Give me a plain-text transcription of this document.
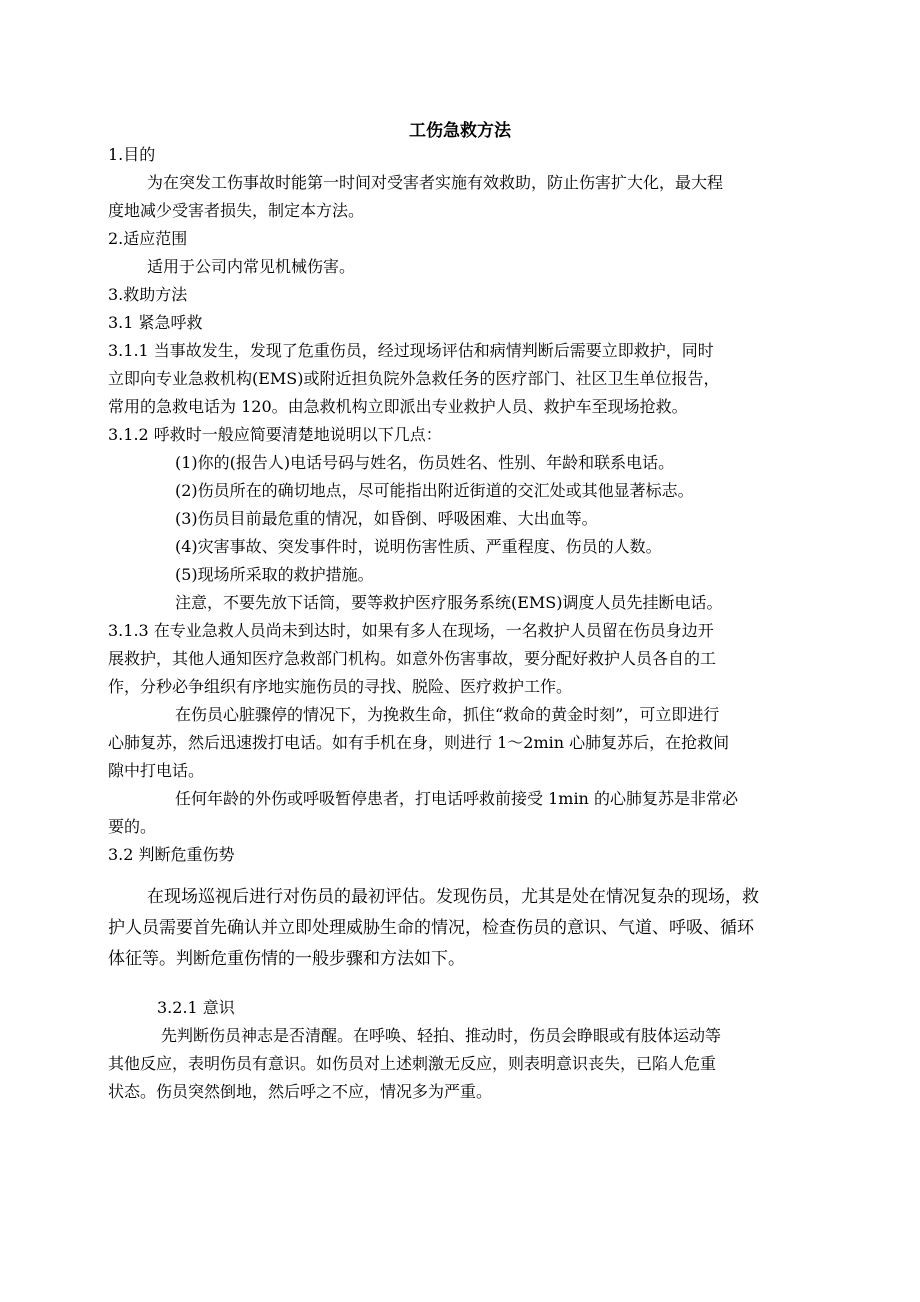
工伤急救方法
1.目的
为在突发工伤事故时能第一时间对受害者实施有效救助，防止伤害扩大化，最大程
度地减少受害者损失，制定本方法。
2.适应范围
适用于公司内常见机械伤害。
3.救助方法
3.1 紧急呼救
3.1.1 当事故发生，发现了危重伤员，经过现场评估和病情判断后需要立即救护，同时
立即向专业急救机构(EMS)或附近担负院外急救任务的医疗部门、社区卫生单位报告，
常用的急救电话为 120。由急救机构立即派出专业救护人员、救护车至现场抢救。
3.1.2 呼救时一般应简要清楚地说明以下几点：
(1)你的(报告人)电话号码与姓名，伤员姓名、性别、年龄和联系电话。
(2)伤员所在的确切地点，尽可能指出附近街道的交汇处或其他显著标志。
(3)伤员目前最危重的情况，如昏倒、呼吸困难、大出血等。
(4)灾害事故、突发事件时，说明伤害性质、严重程度、伤员的人数。
(5)现场所采取的救护措施。
注意，不要先放下话筒，要等救护医疗服务系统(EMS)调度人员先挂断电话。
3.1.3 在专业急救人员尚未到达时，如果有多人在现场，一名救护人员留在伤员身边开
展救护，其他人通知医疗急救部门机构。如意外伤害事故，要分配好救护人员各自的工
作，分秒必争组织有序地实施伤员的寻找、脱险、医疗救护工作。
在伤员心脏骤停的情况下，为挽救生命，抓住“救命的黄金时刻”，可立即进行
心肺复苏，然后迅速拨打电话。如有手机在身，则进行 1～2min 心肺复苏后，在抢救间
隙中打电话。
任何年龄的外伤或呼吸暂停患者，打电话呼救前接受 1min 的心肺复苏是非常必
要的。
3.2 判断危重伤势
在现场巡视后进行对伤员的最初评估。发现伤员，尤其是处在情况复杂的现场，救
护人员需要首先确认并立即处理威胁生命的情况，检查伤员的意识、气道、呼吸、循环
体征等。判断危重伤情的一般步骤和方法如下。
3.2.1 意识
先判断伤员神志是否清醒。在呼唤、轻拍、推动时，伤员会睁眼或有肢体运动等
其他反应，表明伤员有意识。如伤员对上述刺激无反应，则表明意识丧失，已陷人危重
状态。伤员突然倒地，然后呼之不应，情况多为严重。
